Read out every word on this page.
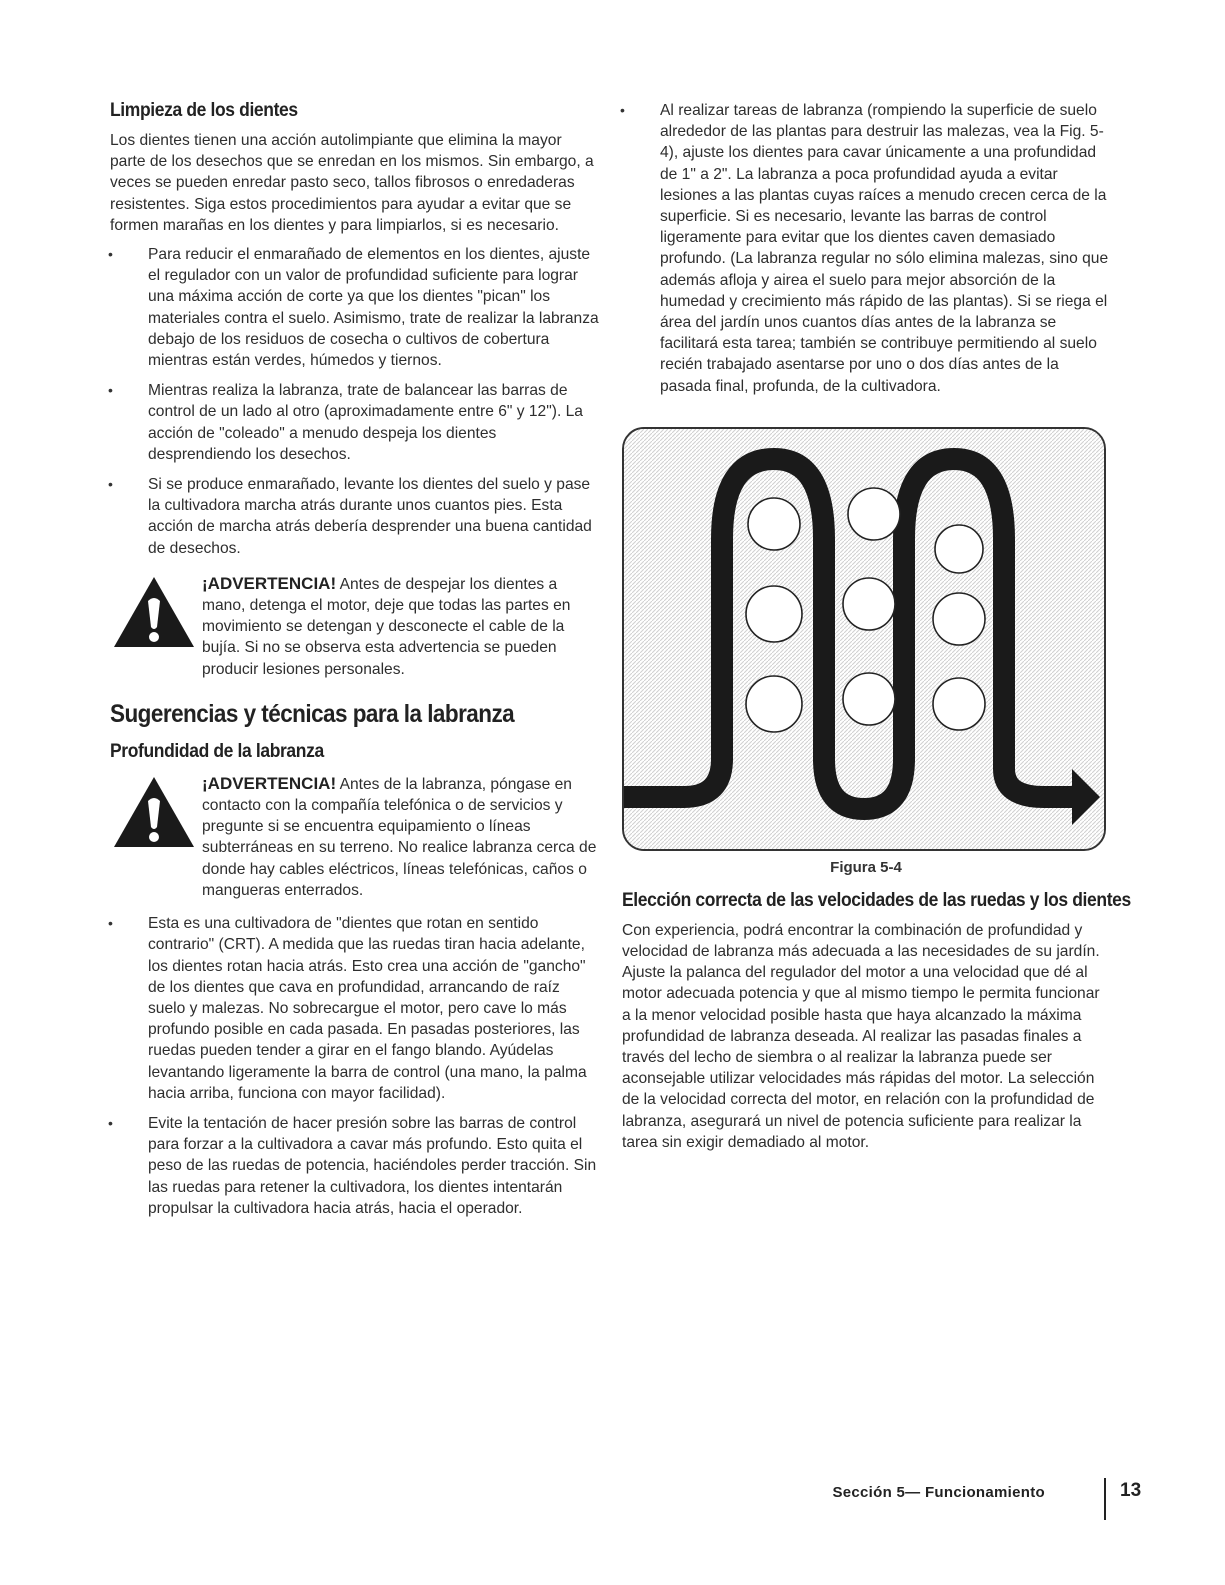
Limpieza de los dientes

Los dientes tienen una acción autolimpiante que elimina la mayor parte de los desechos que se enredan en los mismos. Sin embargo, a veces se pueden enredar pasto seco, tallos fibrosos o enredaderas resistentes. Siga estos procedimientos para ayudar a evitar que se formen marañas en los dientes y para limpiarlos, si es necesario.

• Para reducir el enmarañado de elementos en los dientes, ajuste el regulador con un valor de profundidad suficiente para lograr una máxima acción de corte ya que los dientes "pican" los materiales contra el suelo. Asimismo, trate de realizar la labranza debajo de los residuos de cosecha o cultivos de cobertura mientras están verdes, húmedos y tiernos.
• Mientras realiza la labranza, trate de balancear las barras de control de un lado al otro (aproximadamente entre 6" y 12"). La acción de "coleado" a menudo despeja los dientes desprendiendo los desechos.
• Si se produce enmarañado, levante los dientes del suelo y pase la cultivadora marcha atrás durante unos cuantos pies. Esta acción de marcha atrás debería desprender una buena cantidad de desechos.

¡ADVERTENCIA! Antes de despejar los dientes a mano, detenga el motor, deje que todas las partes en movimiento se detengan y desconecte el cable de la bujía. Si no se observa esta advertencia se pueden producir lesiones personales.

Sugerencias y técnicas para la labranza
Profundidad de la labranza

¡ADVERTENCIA! Antes de la labranza, póngase en contacto con la compañía telefónica o de servicios y pregunte si se encuentra equipamiento o líneas subterráneas en su terreno. No realice labranza cerca de donde hay cables eléctricos, líneas telefónicas, caños o mangueras enterrados.

• Esta es una cultivadora de "dientes que rotan en sentido contrario" (CRT). A medida que las ruedas tiran hacia adelante, los dientes rotan hacia atrás. Esto crea una acción de "gancho" de los dientes que cava en profundidad, arrancando de raíz suelo y malezas. No sobrecargue el motor, pero cave lo más profundo posible en cada pasada. En pasadas posteriores, las ruedas pueden tender a girar en el fango blando. Ayúdelas levantando ligeramente la barra de control (una mano, la palma hacia arriba, funciona con mayor facilidad).
• Evite la tentación de hacer presión sobre las barras de control para forzar a la cultivadora a cavar más profundo. Esto quita el peso de las ruedas de potencia, haciéndoles perder tracción. Sin las ruedas para retener la cultivadora, los dientes intentarán propulsar la cultivadora hacia atrás, hacia el operador.
• Al realizar tareas de labranza (rompiendo la superficie de suelo alrededor de las plantas para destruir las malezas, vea la Fig. 5-4), ajuste los dientes para cavar únicamente a una profundidad de 1" a 2". La labranza a poca profundidad ayuda a evitar lesiones a las plantas cuyas raíces a menudo crecen cerca de la superficie. Si es necesario, levante las barras de control ligeramente para evitar que los dientes caven demasiado profundo. (La labranza regular no sólo elimina malezas, sino que además afloja y airea el suelo para mejor absorción de la humedad y crecimiento más rápido de las plantas). Si se riega el área del jardín unos cuantos días antes de la labranza se facilitará esta tarea; también se contribuye permitiendo al suelo recién trabajado asentarse por uno o dos días antes de la pasada final, profunda, de la cultivadora.
Figura 5-4
Elección correcta de las velocidades de las ruedas y los dientes

Con experiencia, podrá encontrar la combinación de profundidad y velocidad de labranza más adecuada a las necesidades de su jardín. Ajuste la palanca del regulador del motor a una velocidad que dé al motor adecuada potencia y que al mismo tiempo le permita funcionar a la menor velocidad posible hasta que haya alcanzado la máxima profundidad de labranza deseada. Al realizar las pasadas finales a través del lecho de siembra o al realizar la labranza puede ser aconsejable utilizar velocidades más rápidas del motor. La selección de la velocidad correcta del motor, en relación con la profundidad de labranza, asegurará un nivel de potencia suficiente para realizar la tarea sin exigir demadiado al motor.

Sección 5— Funcionamiento	13
